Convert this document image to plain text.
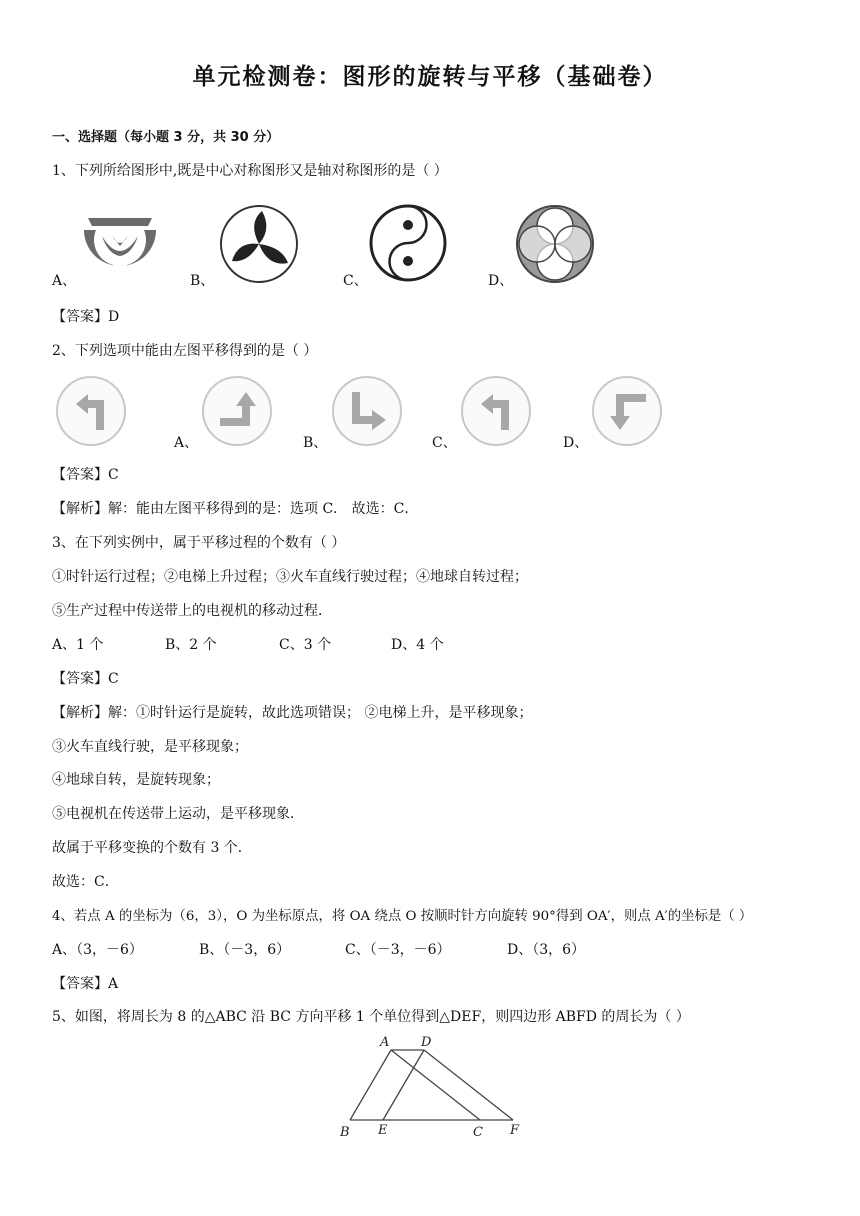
单元检测卷：图形的旋转与平移（基础卷）
一、选择题（每小题 3 分，共 30 分）
1、下列所给图形中,既是中心对称图形又是轴对称图形的是（ ）
A、	B、	C、	D、
【答案】D
2、下列选项中能由左图平移得到的是（ ）
A、	B、	C、	D、
【答案】C
【解析】解：能由左图平移得到的是：选项 C． 故选：C．
3、在下列实例中，属于平移过程的个数有（ ）
①时针运行过程；②电梯上升过程；③火车直线行驶过程；④地球自转过程；
⑤生产过程中传送带上的电视机的移动过程．
A、1 个	B、2 个	C、3 个	D、4 个
【答案】C
【解析】解：①时针运行是旋转，故此选项错误； ②电梯上升，是平移现象；
③火车直线行驶，是平移现象；
④地球自转，是旋转现象；
⑤电视机在传送带上运动，是平移现象．
故属于平移变换的个数有 3 个．
故选：C．
4、若点 A 的坐标为（6，3），O 为坐标原点，将 OA 绕点 O 按顺时针方向旋转 90°得到 OA′，则点 A′的坐标是（ ）
A、（3，－6）	B、（－3，6）	C、（－3，－6）	D、（3，6）
【答案】A
5、如图，将周长为 8 的△ABC 沿 BC 方向平移 1 个单位得到△DEF，则四边形 ABFD 的周长为（ ）
A D
B E	C F
